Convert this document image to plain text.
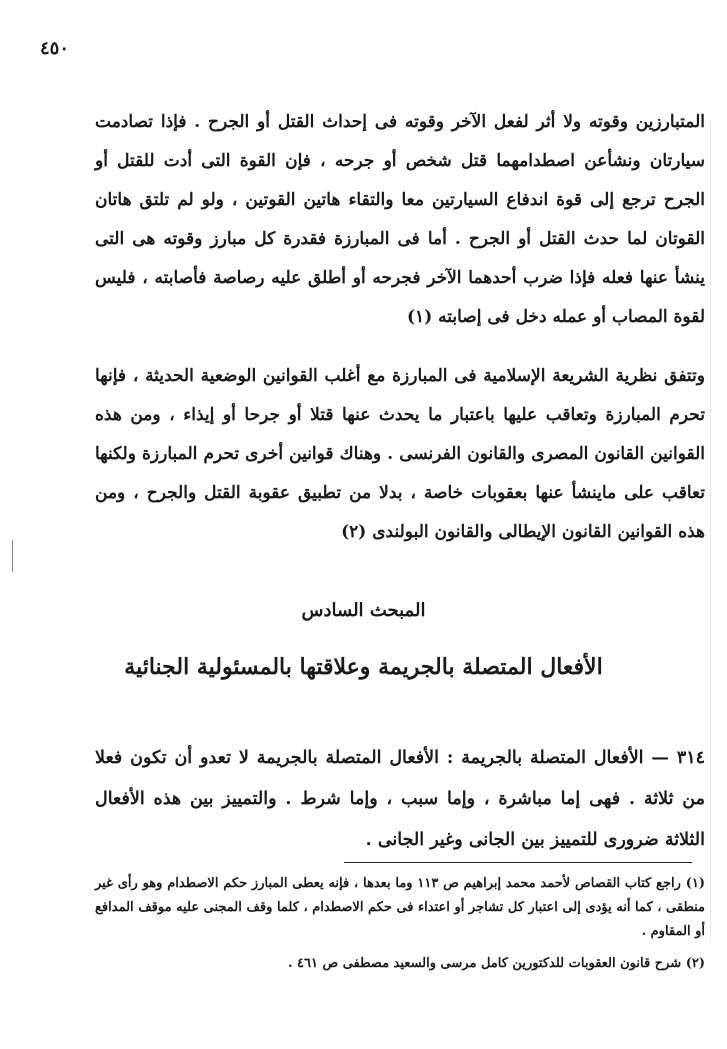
٤٥٠

المتبارزين وقوته ولا أثر لفعل الآخر وقوته فى إحداث القتل أو الجرح . فإذا تصادمت سيارتان ونشأعن اصطدامهما قتل شخص أو جرحه ، فإن القوة التى أدت للقتل أو الجرح ترجع إلى قوة اندفاع السيارتين معا والتقاء هاتين القوتين ، ولو لم تلتق هاتان القوتان لما حدث القتل أو الجرح . أما فى المبارزة فقدرة كل مبارز وقوته هى التى ينشأ عنها فعله فإذا ضرب أحدهما الآخر فجرحه أو أطلق عليه رصاصة فأصابته ، فليس لقوة المصاب أو عمله دخل فى إصابته (١)

وتتفق نظرية الشريعة الإسلامية فى المبارزة مع أغلب القوانين الوضعية الحديثة ، فإنها تحرم المبارزة وتعاقب عليها باعتبار ما يحدث عنها قتلا أو جرحا أو إيذاء ، ومن هذه القوانين القانون المصرى والقانون الفرنسى . وهناك قوانين أخرى تحرم المبارزة ولكنها تعاقب على ماينشأ عنها بعقوبات خاصة ، بدلا من تطبيق عقوبة القتل والجرح ، ومن هذه القوانين القانون الإيطالى والقانون البولندى (٢)

المبحث السادس
الأفعال المتصلة بالجريمة وعلاقتها بالمسئولية الجنائية

٣١٤ — الأفعال المتصلة بالجريمة : الأفعال المتصلة بالجريمة لا تعدو أن تكون فعلا من ثلاثة . فهى إما مباشرة ، وإما سبب ، وإما شرط . والتمييز بين هذه الأفعال الثلاثة ضرورى للتمييز بين الجانى وغير الجانى .

(١) راجع كتاب القصاص لأحمد محمد إبراهيم ص ١١٣ وما بعدها ، فإنه يعطى المبارز حكم الاصطدام وهو رأى غير منطقى ، كما أنه يؤدى إلى اعتبار كل تشاجر أو اعتداء فى حكم الاصطدام ، كلما وقف المجنى عليه موقف المدافع أو المقاوم .

(٢) شرح قانون العقوبات للدكتورين كامل مرسى والسعيد مصطفى ص ٤٦١ .
